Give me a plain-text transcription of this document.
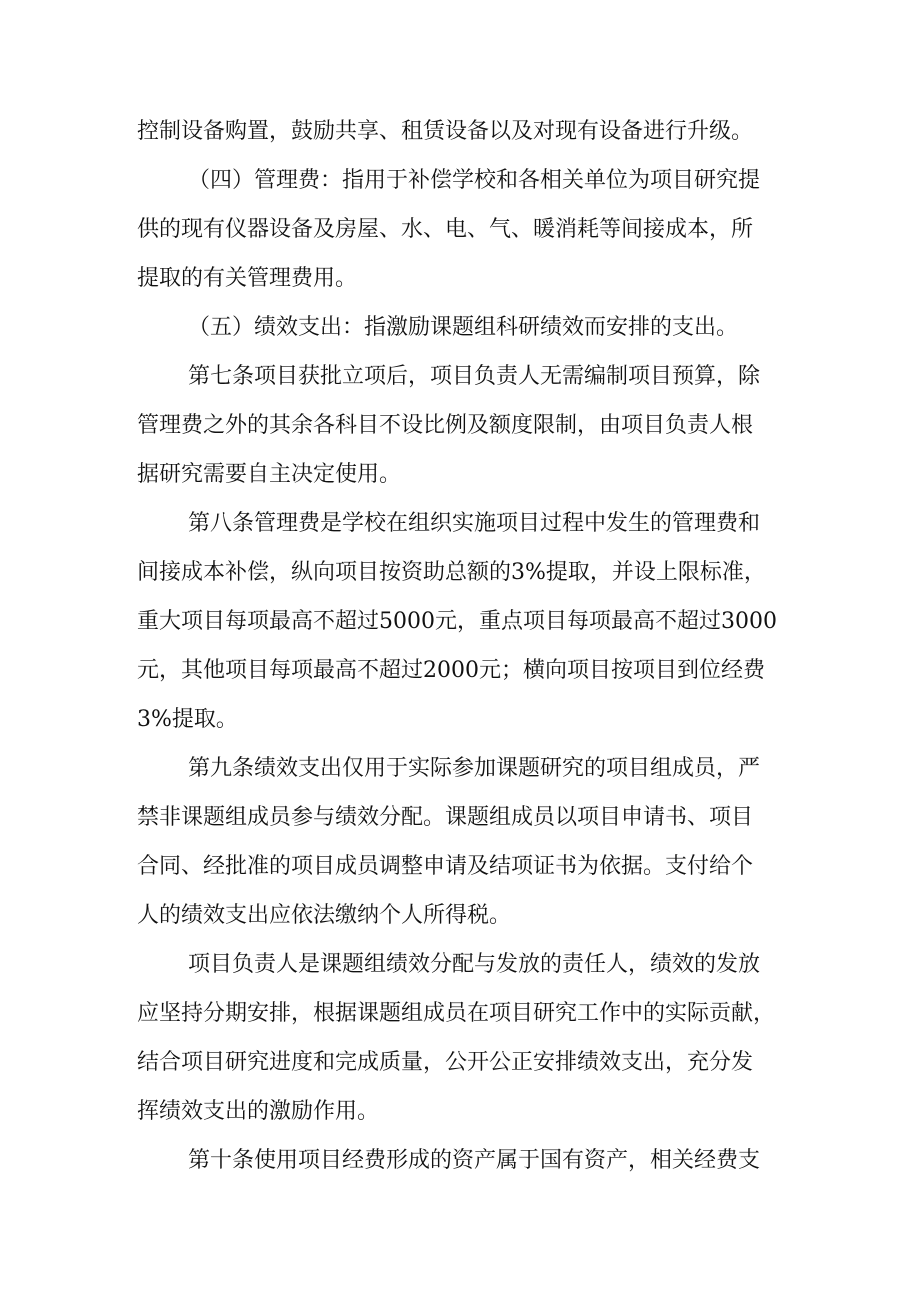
控制设备购置，鼓励共享、租赁设备以及对现有设备进行升级。
（四）管理费：指用于补偿学校和各相关单位为项目研究提
供的现有仪器设备及房屋、水、电、气、暖消耗等间接成本，所
提取的有关管理费用。
（五）绩效支出：指激励课题组科研绩效而安排的支出。
第七条项目获批立项后，项目负责人无需编制项目预算，除
管理费之外的其余各科目不设比例及额度限制，由项目负责人根
据研究需要自主决定使用。
第八条管理费是学校在组织实施项目过程中发生的管理费和
间接成本补偿，纵向项目按资助总额的3%提取，并设上限标准，
重大项目每项最高不超过5000元，重点项目每项最高不超过3000
元，其他项目每项最高不超过2000元；横向项目按项目到位经费
3%提取。
第九条绩效支出仅用于实际参加课题研究的项目组成员，严
禁非课题组成员参与绩效分配。课题组成员以项目申请书、项目
合同、经批准的项目成员调整申请及结项证书为依据。支付给个
人的绩效支出应依法缴纳个人所得税。
项目负责人是课题组绩效分配与发放的责任人，绩效的发放
应坚持分期安排，根据课题组成员在项目研究工作中的实际贡献，
结合项目研究进度和完成质量，公开公正安排绩效支出，充分发
挥绩效支出的激励作用。
第十条使用项目经费形成的资产属于国有资产，相关经费支
